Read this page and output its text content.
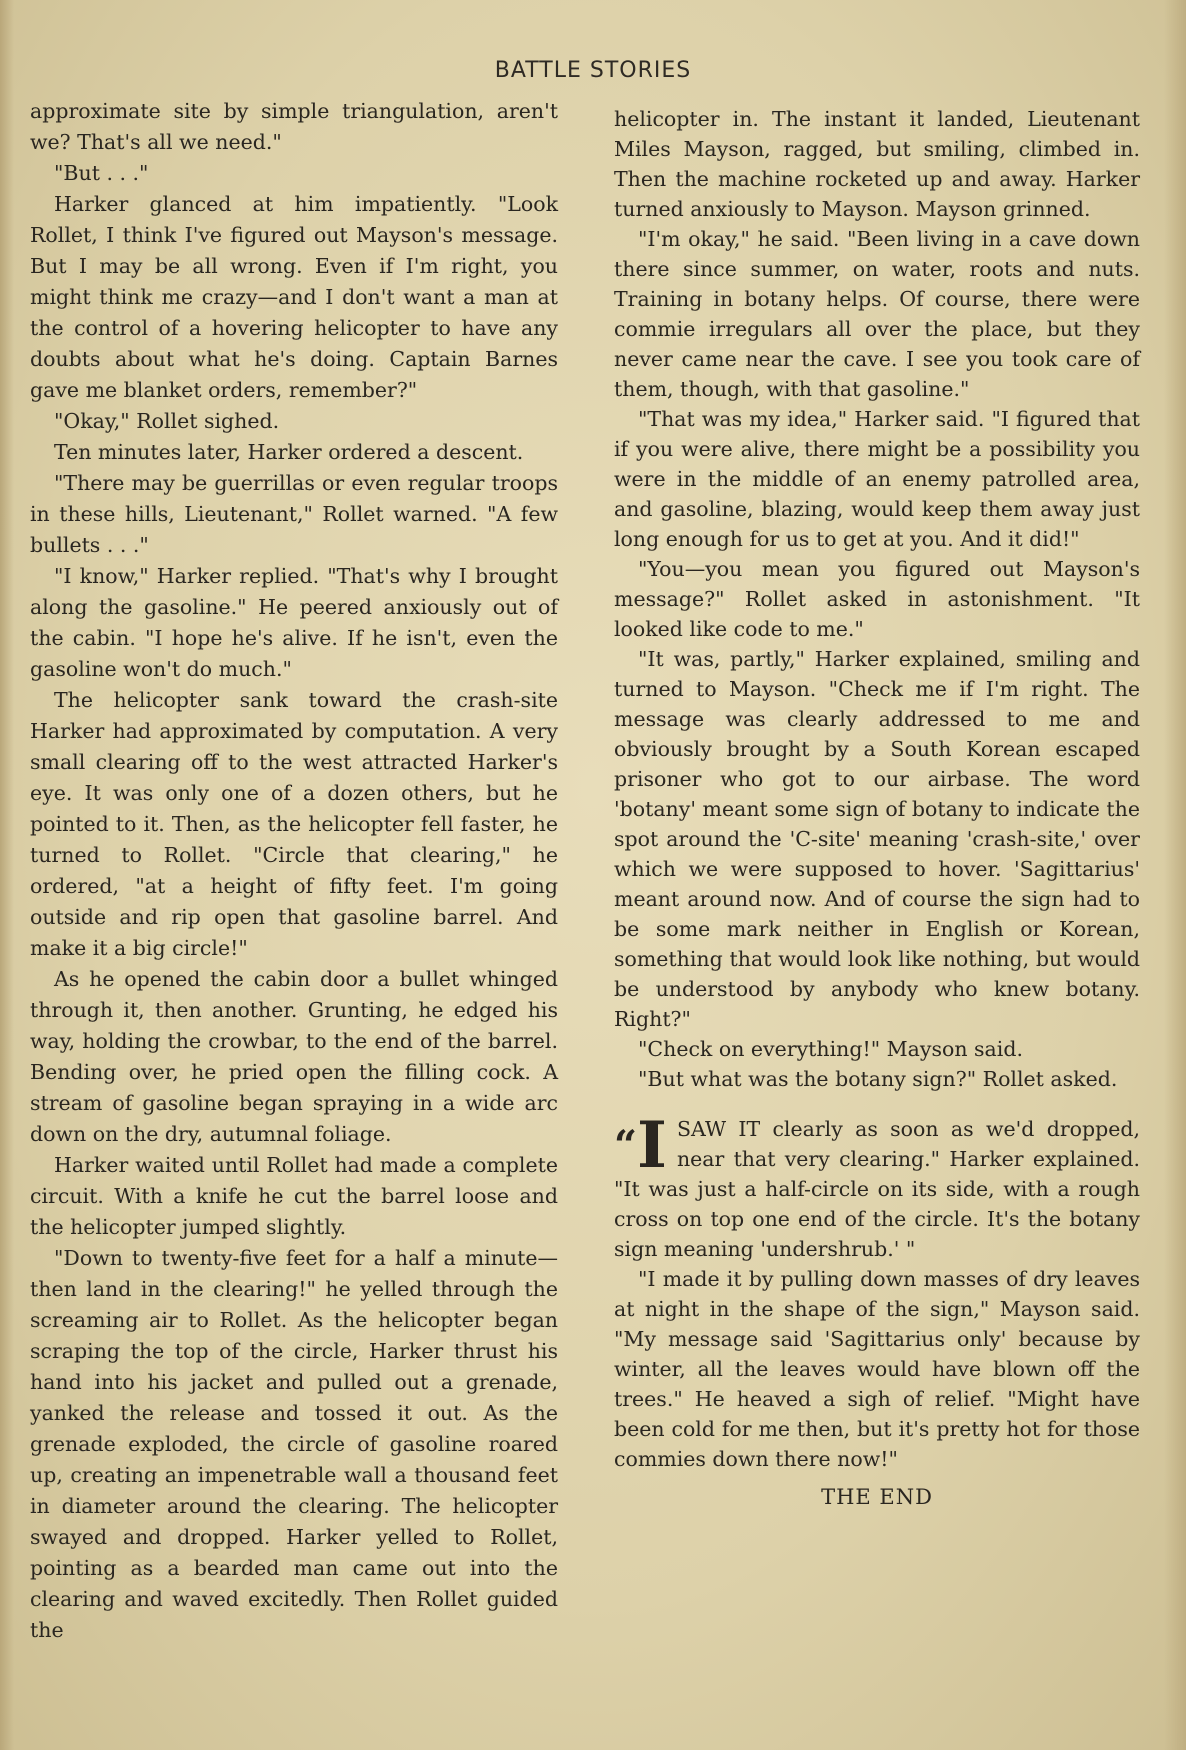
BATTLE STORIES

approximate site by simple triangulation, aren't we? That's all we need."

"But . . ."

Harker glanced at him impatiently. "Look Rollet, I think I've figured out Mayson's message. But I may be all wrong. Even if I'm right, you might think me crazy—and I don't want a man at the control of a hovering helicopter to have any doubts about what he's doing. Captain Barnes gave me blanket orders, remember?"

"Okay," Rollet sighed.

Ten minutes later, Harker ordered a descent.

"There may be guerrillas or even regular troops in these hills, Lieutenant," Rollet warned. "A few bullets . . ."

"I know," Harker replied. "That's why I brought along the gasoline." He peered anxiously out of the cabin. "I hope he's alive. If he isn't, even the gasoline won't do much."

The helicopter sank toward the crash-site Harker had approximated by computation. A very small clearing off to the west attracted Harker's eye. It was only one of a dozen others, but he pointed to it. Then, as the helicopter fell faster, he turned to Rollet. "Circle that clearing," he ordered, "at a height of fifty feet. I'm going outside and rip open that gasoline barrel. And make it a big circle!"

As he opened the cabin door a bullet whinged through it, then another. Grunting, he edged his way, holding the crowbar, to the end of the barrel. Bending over, he pried open the filling cock. A stream of gasoline began spraying in a wide arc down on the dry, autumnal foliage.

Harker waited until Rollet had made a complete circuit. With a knife he cut the barrel loose and the helicopter jumped slightly.

"Down to twenty-five feet for a half a minute—then land in the clearing!" he yelled through the screaming air to Rollet. As the helicopter began scraping the top of the circle, Harker thrust his hand into his jacket and pulled out a grenade, yanked the release and tossed it out. As the grenade exploded, the circle of gasoline roared up, creating an impenetrable wall a thousand feet in diameter around the clearing. The helicopter swayed and dropped. Harker yelled to Rollet, pointing as a bearded man came out into the clearing and waved excitedly. Then Rollet guided the

helicopter in. The instant it landed, Lieutenant Miles Mayson, ragged, but smiling, climbed in. Then the machine rocketed up and away. Harker turned anxiously to Mayson. Mayson grinned.

"I'm okay," he said. "Been living in a cave down there since summer, on water, roots and nuts. Training in botany helps. Of course, there were commie irregulars all over the place, but they never came near the cave. I see you took care of them, though, with that gasoline."

"That was my idea," Harker said. "I figured that if you were alive, there might be a possibility you were in the middle of an enemy patrolled area, and gasoline, blazing, would keep them away just long enough for us to get at you. And it did!"

"You—you mean you figured out Mayson's message?" Rollet asked in astonishment. "It looked like code to me."

"It was, partly," Harker explained, smiling and turned to Mayson. "Check me if I'm right. The message was clearly addressed to me and obviously brought by a South Korean escaped prisoner who got to our airbase. The word 'botany' meant some sign of botany to indicate the spot around the 'C-site' meaning 'crash-site,' over which we were supposed to hover. 'Sagittarius' meant around now. And of course the sign had to be some mark neither in English or Korean, something that would look like nothing, but would be understood by anybody who knew botany. Right?"

"Check on everything!" Mayson said.

"But what was the botany sign?" Rollet asked.

“I SAW IT clearly as soon as we'd dropped, near that very clearing." Harker explained. "It was just a half-circle on its side, with a rough cross on top one end of the circle. It's the botany sign meaning 'undershrub.' "

"I made it by pulling down masses of dry leaves at night in the shape of the sign," Mayson said. "My message said 'Sagittarius only' because by winter, all the leaves would have blown off the trees." He heaved a sigh of relief. "Might have been cold for me then, but it's pretty hot for those commies down there now!"

THE END
